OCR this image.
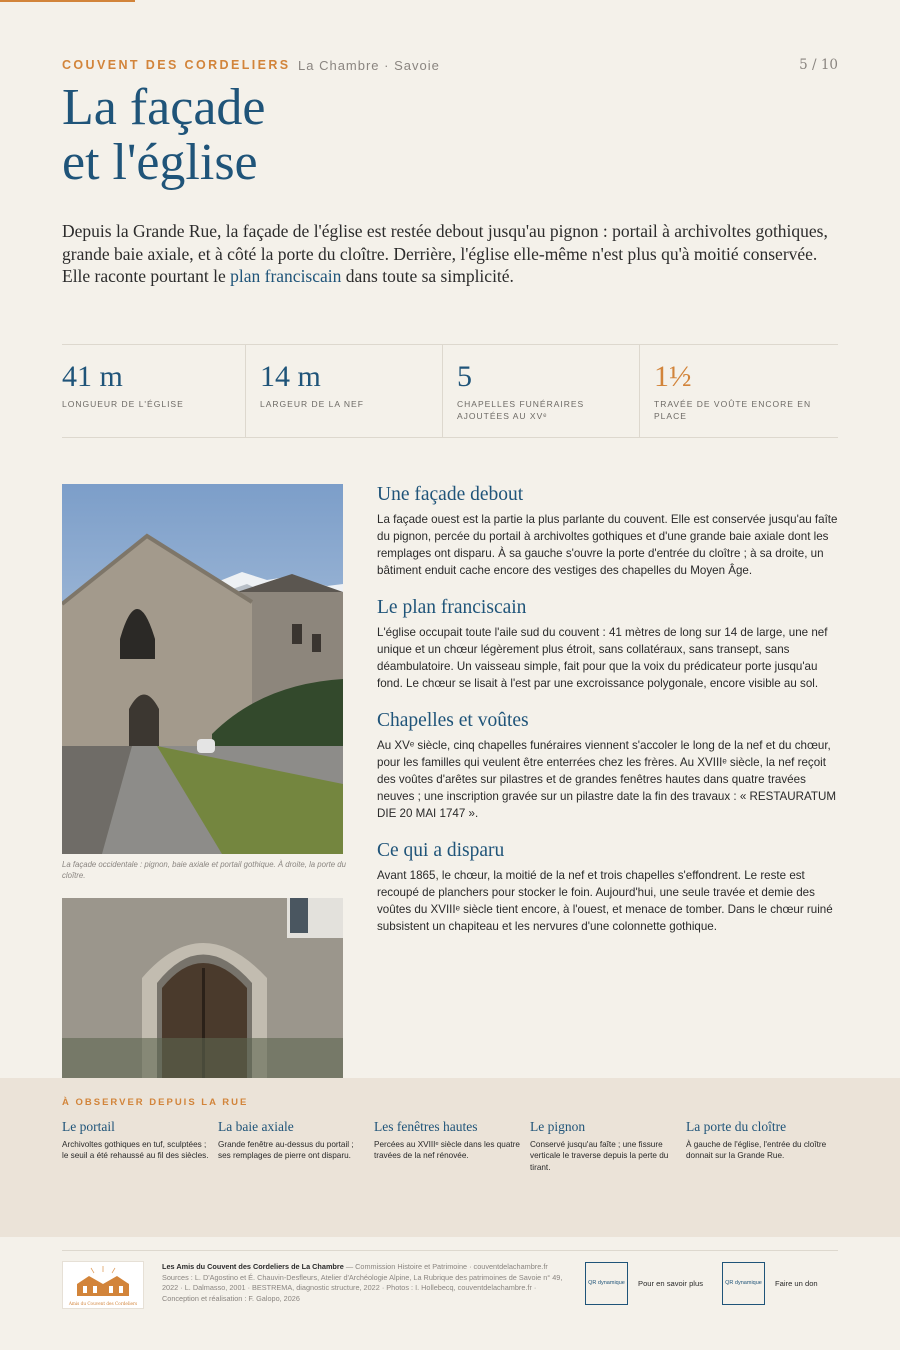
COUVENT DES CORDELIERS La Chambre · Savoie	5 / 10
La façade
et l'église

Depuis la Grande Rue, la façade de l'église est restée debout jusqu'au pignon : portail à archivoltes gothiques, grande baie axiale, et à côté la porte du cloître. Derrière, l'église elle-même n'est plus qu'à moitié conservée. Elle raconte pourtant le plan franciscain dans toute sa simplicité.

41 m
LONGUEUR DE L'ÉGLISE
14 m
LARGEUR DE LA NEF
5
CHAPELLES FUNÉRAIRES AJOUTÉES AU XVᵉ
1½
TRAVÉE DE VOÛTE ENCORE EN PLACE

La façade occidentale : pignon, baie axiale et portail gothique. À droite, la porte du cloître.

Une façade debout

La façade ouest est la partie la plus parlante du couvent. Elle est conservée jusqu'au faîte du pignon, percée du portail à archivoltes gothiques et d'une grande baie axiale dont les remplages ont disparu. À sa gauche s'ouvre la porte d'entrée du cloître ; à sa droite, un bâtiment enduit cache encore des vestiges des chapelles du Moyen Âge.

Le plan franciscain

L'église occupait toute l'aile sud du couvent : 41 mètres de long sur 14 de large, une nef unique et un chœur légèrement plus étroit, sans collatéraux, sans transept, sans déambulatoire. Un vaisseau simple, fait pour que la voix du prédicateur porte jusqu'au fond. Le chœur se lisait à l'est par une excroissance polygonale, encore visible au sol.

Chapelles et voûtes

Au XVᵉ siècle, cinq chapelles funéraires viennent s'accoler le long de la nef et du chœur, pour les familles qui veulent être enterrées chez les frères. Au XVIIIᵉ siècle, la nef reçoit des voûtes d'arêtes sur pilastres et de grandes fenêtres hautes dans quatre travées neuves ; une inscription gravée sur un pilastre date la fin des travaux : « RESTAURATUM DIE 20 MAI 1747 ».

Ce qui a disparu

Avant 1865, le chœur, la moitié de la nef et trois chapelles s'effondrent. Le reste est recoupé de planchers pour stocker le foin. Aujourd'hui, une seule travée et demie des voûtes du XVIIIᵉ siècle tient encore, à l'ouest, et menace de tomber. Dans le chœur ruiné subsistent un chapiteau et les nervures d'une colonnette gothique.

À OBSERVER DEPUIS LA RUE
Le portail

Archivoltes gothiques en tuf, sculptées ; le seuil a été rehaussé au fil des siècles.

La baie axiale

Grande fenêtre au-dessus du portail ; ses remplages de pierre ont disparu.

Les fenêtres hautes

Percées au XVIIIᵉ siècle dans les quatre travées de la nef rénovée.

Le pignon

Conservé jusqu'au faîte ; une fissure verticale le traverse depuis la perte du tirant.

La porte du cloître

À gauche de l'église, l'entrée du cloître donnait sur la Grande Rue.

Amis du Couvent des Cordeliers

Les Amis du Couvent des Cordeliers de La Chambre — Commission Histoire et Patrimoine · couventdelachambre.fr
Sources : L. D'Agostino et É. Chauvin-Desfleurs, Atelier d'Archéologie Alpine, La Rubrique des patrimoines de Savoie n° 49, 2022 · L. Dalmasso, 2001 · BESTREMA, diagnostic structure, 2022 · Photos : I. Hollebecq, couventdelachambre.fr · Conception et réalisation : F. Galopo, 2026

QR dynamique	Pour en savoir plus	QR dynamique	Faire un don
